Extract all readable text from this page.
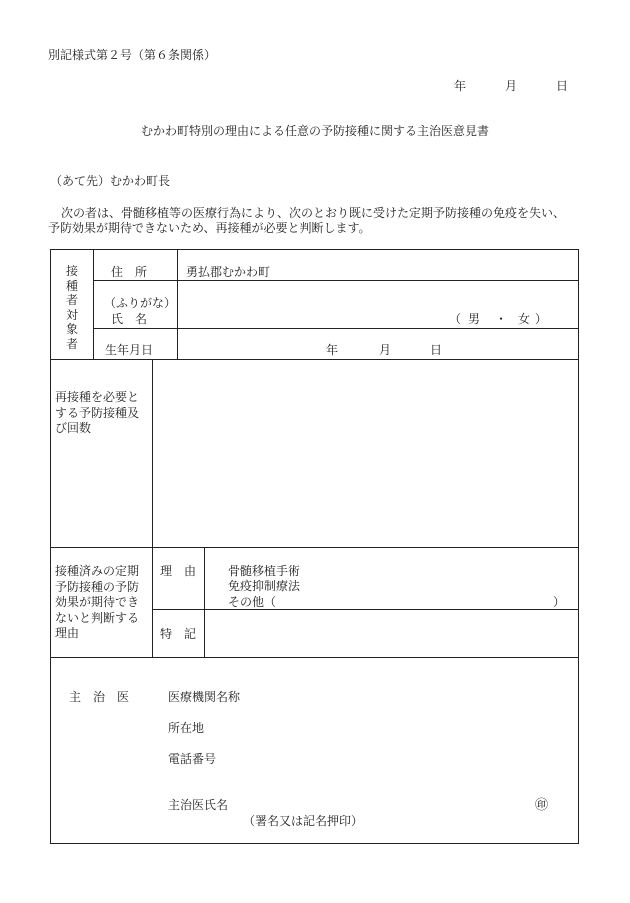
別記様式第２号（第６条関係）
年	月	日
むかわ町特別の理由による任意の予防接種に関する主治医意見書
（あて先）むかわ町長
次の者は、骨髄移植等の医療行為により、次のとおり既に受けた定期予防接種の免疫を失い、
予防効果が期待できないため、再接種が必要と判断します。
接種者対象者
住　所	勇払郡むかわ町
（ふりがな）
氏　名	（ 男 ・ 女 ）
生年月日	年	月	日
再接種を必要とする予防接種及び回数
接種済みの定期予防接種の予防効果が期待できないと判断する理由
理　由	骨髄移植手術
免疫抑制療法
その他（	）
特　記
主　治　医	医療機関名称
所在地
電話番号
主治医氏名	㊞
（署名又は記名押印）
